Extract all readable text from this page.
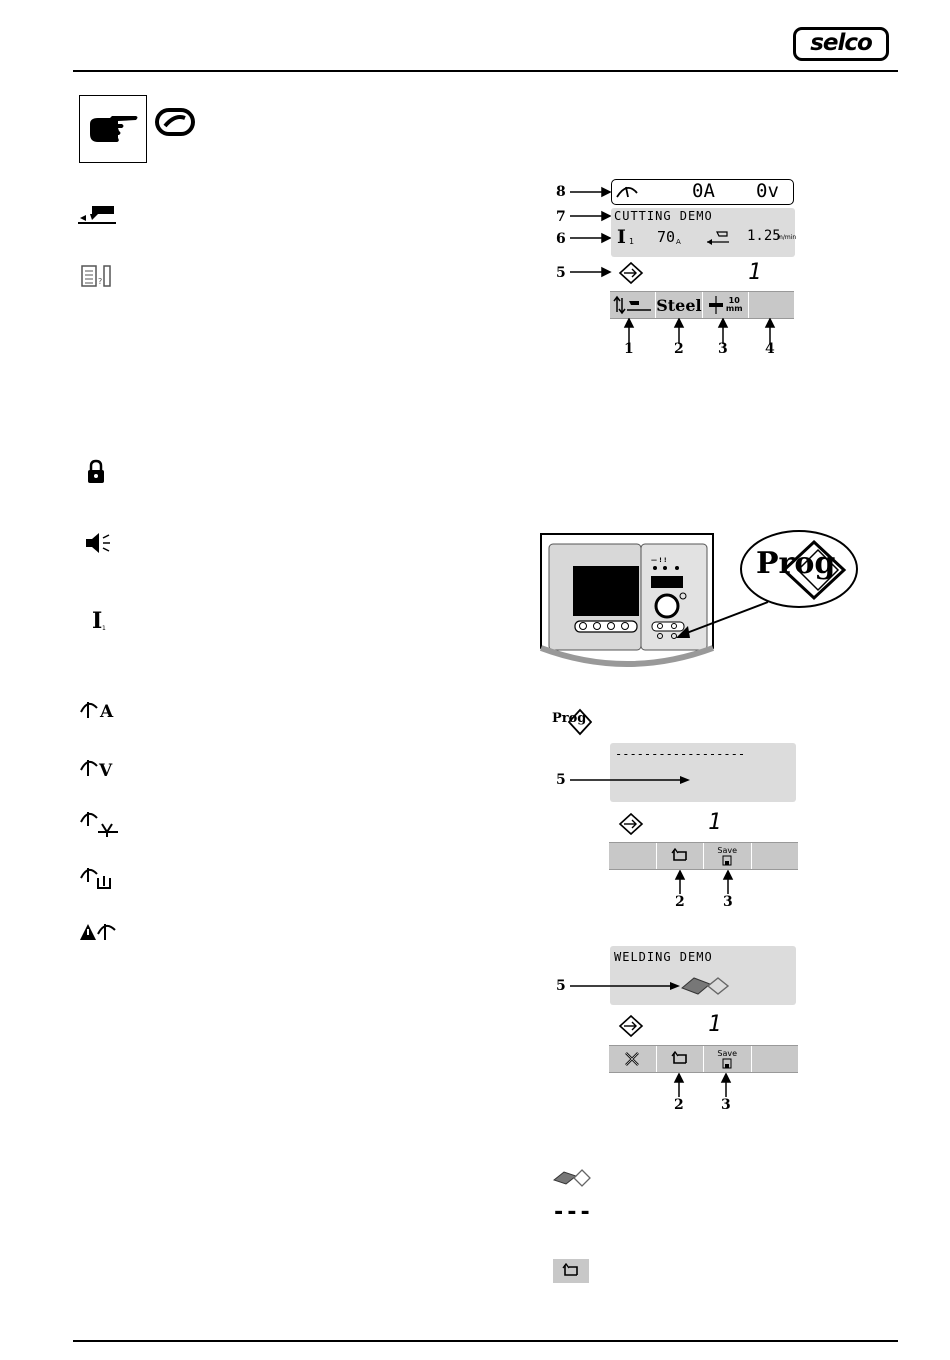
selco
?
I 1
A
V
8
7
6
5
0A 0v
CUTTING DEMO
I 1 70 A	1.25
m/min
1
Steel	10
mm
1	2 3	4
— ! !	Prog
Prog
------------------
5
1
Save
2	3
WELDING DEMO
5
1
Save
2	3
---
